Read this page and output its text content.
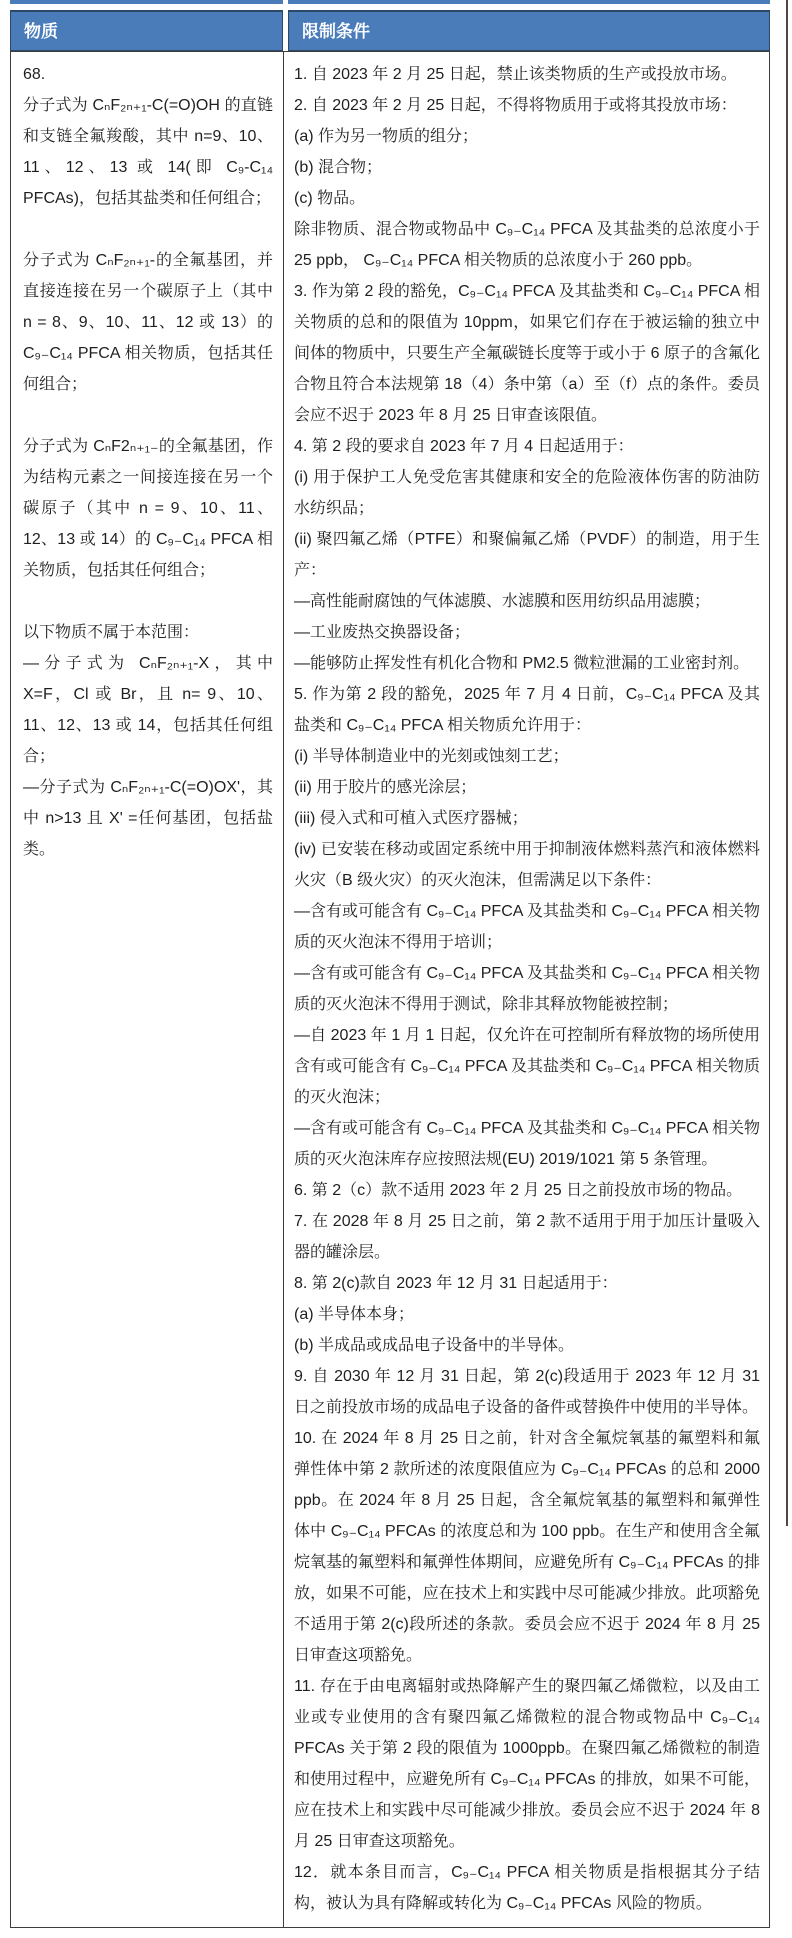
物质	限制条件

68.

分子式为 CₙF₂ₙ₊₁-C(=O)OH 的直链和支链全氟羧酸，其中 n=9、10、11、12、13 或 14(即 C₉-C₁₄ PFCAs)，包括其盐类和任何组合；

分子式为 CₙF₂ₙ₊₁-的全氟基团，并直接连接在另一个碳原子上（其中 n = 8、9、10、11、12 或 13）的 C₉₋C₁₄ PFCA 相关物质，包括其任何组合；

分子式为 CₙF2ₙ₊₁₋的全氟基团，作为结构元素之一间接连接在另一个碳原子（其中 n = 9、10、11、12、13 或 14）的 C₉₋C₁₄ PFCA 相关物质，包括其任何组合；

以下物质不属于本范围：

—分子式为 CₙF₂ₙ₊₁-X，其中 X=F，Cl 或 Br，且 n= 9、10、11、12、13 或 14，包括其任何组合；

—分子式为 CₙF₂ₙ₊₁-C(=O)OX'，其中 n>13 且 X' =任何基团，包括盐类。

1. 自 2023 年 2 月 25 日起，禁止该类物质的生产或投放市场。

2. 自 2023 年 2 月 25 日起，不得将物质用于或将其投放市场：

(a) 作为另一物质的组分；

(b) 混合物；

(c) 物品。

除非物质、混合物或物品中 C₉₋C₁₄ PFCA 及其盐类的总浓度小于 25 ppb， C₉₋C₁₄ PFCA 相关物质的总浓度小于 260 ppb。

3. 作为第 2 段的豁免，C₉₋C₁₄ PFCA 及其盐类和 C₉₋C₁₄ PFCA 相关物质的总和的限值为 10ppm，如果它们存在于被运输的独立中间体的物质中，只要生产全氟碳链长度等于或小于 6 原子的含氟化合物且符合本法规第 18（4）条中第（a）至（f）点的条件。委员会应不迟于 2023 年 8 月 25 日审查该限值。

4. 第 2 段的要求自 2023 年 7 月 4 日起适用于：

(i) 用于保护工人免受危害其健康和安全的危险液体伤害的防油防水纺织品；

(ii) 聚四氟乙烯（PTFE）和聚偏氟乙烯（PVDF）的制造，用于生产：

—高性能耐腐蚀的气体滤膜、水滤膜和医用纺织品用滤膜；

—工业废热交换器设备；

—能够防止挥发性有机化合物和 PM2.5 微粒泄漏的工业密封剂。

5. 作为第 2 段的豁免，2025 年 7 月 4 日前，C₉₋C₁₄ PFCA 及其盐类和 C₉₋C₁₄ PFCA 相关物质允许用于：

(i) 半导体制造业中的光刻或蚀刻工艺；

(ii) 用于胶片的感光涂层；

(iii) 侵入式和可植入式医疗器械；

(iv) 已安装在移动或固定系统中用于抑制液体燃料蒸汽和液体燃料火灾（B 级火灾）的灭火泡沫，但需满足以下条件：

—含有或可能含有 C₉₋C₁₄ PFCA 及其盐类和 C₉₋C₁₄ PFCA 相关物质的灭火泡沫不得用于培训；

—含有或可能含有 C₉₋C₁₄ PFCA 及其盐类和 C₉₋C₁₄ PFCA 相关物质的灭火泡沫不得用于测试，除非其释放物能被控制；

—自 2023 年 1 月 1 日起，仅允许在可控制所有释放物的场所使用含有或可能含有 C₉₋C₁₄ PFCA 及其盐类和 C₉₋C₁₄ PFCA 相关物质的灭火泡沫；

—含有或可能含有 C₉₋C₁₄ PFCA 及其盐类和 C₉₋C₁₄ PFCA 相关物质的灭火泡沫库存应按照法规(EU) 2019/1021 第 5 条管理。

6. 第 2（c）款不适用 2023 年 2 月 25 日之前投放市场的物品。

7. 在 2028 年 8 月 25 日之前，第 2 款不适用于用于加压计量吸入器的罐涂层。

8. 第 2(c)款自 2023 年 12 月 31 日起适用于：

(a) 半导体本身；

(b) 半成品或成品电子设备中的半导体。

9. 自 2030 年 12 月 31 日起，第 2(c)段适用于 2023 年 12 月 31 日之前投放市场的成品电子设备的备件或替换件中使用的半导体。

10. 在 2024 年 8 月 25 日之前，针对含全氟烷氧基的氟塑料和氟弹性体中第 2 款所述的浓度限值应为 C₉₋C₁₄ PFCAs 的总和 2000 ppb。在 2024 年 8 月 25 日起，含全氟烷氧基的氟塑料和氟弹性体中 C₉₋C₁₄ PFCAs 的浓度总和为 100 ppb。在生产和使用含全氟烷氧基的氟塑料和氟弹性体期间，应避免所有 C₉₋C₁₄ PFCAs 的排放，如果不可能，应在技术上和实践中尽可能减少排放。此项豁免不适用于第 2(c)段所述的条款。委员会应不迟于 2024 年 8 月 25 日审查这项豁免。

11. 存在于由电离辐射或热降解产生的聚四氟乙烯微粒，以及由工业或专业使用的含有聚四氟乙烯微粒的混合物或物品中 C₉₋C₁₄ PFCAs 关于第 2 段的限值为 1000ppb。在聚四氟乙烯微粒的制造和使用过程中，应避免所有 C₉₋C₁₄ PFCAs 的排放，如果不可能，应在技术上和实践中尽可能减少排放。委员会应不迟于 2024 年 8 月 25 日审查这项豁免。

12．就本条目而言，C₉₋C₁₄ PFCA 相关物质是指根据其分子结构，被认为具有降解或转化为 C₉₋C₁₄ PFCAs 风险的物质。
